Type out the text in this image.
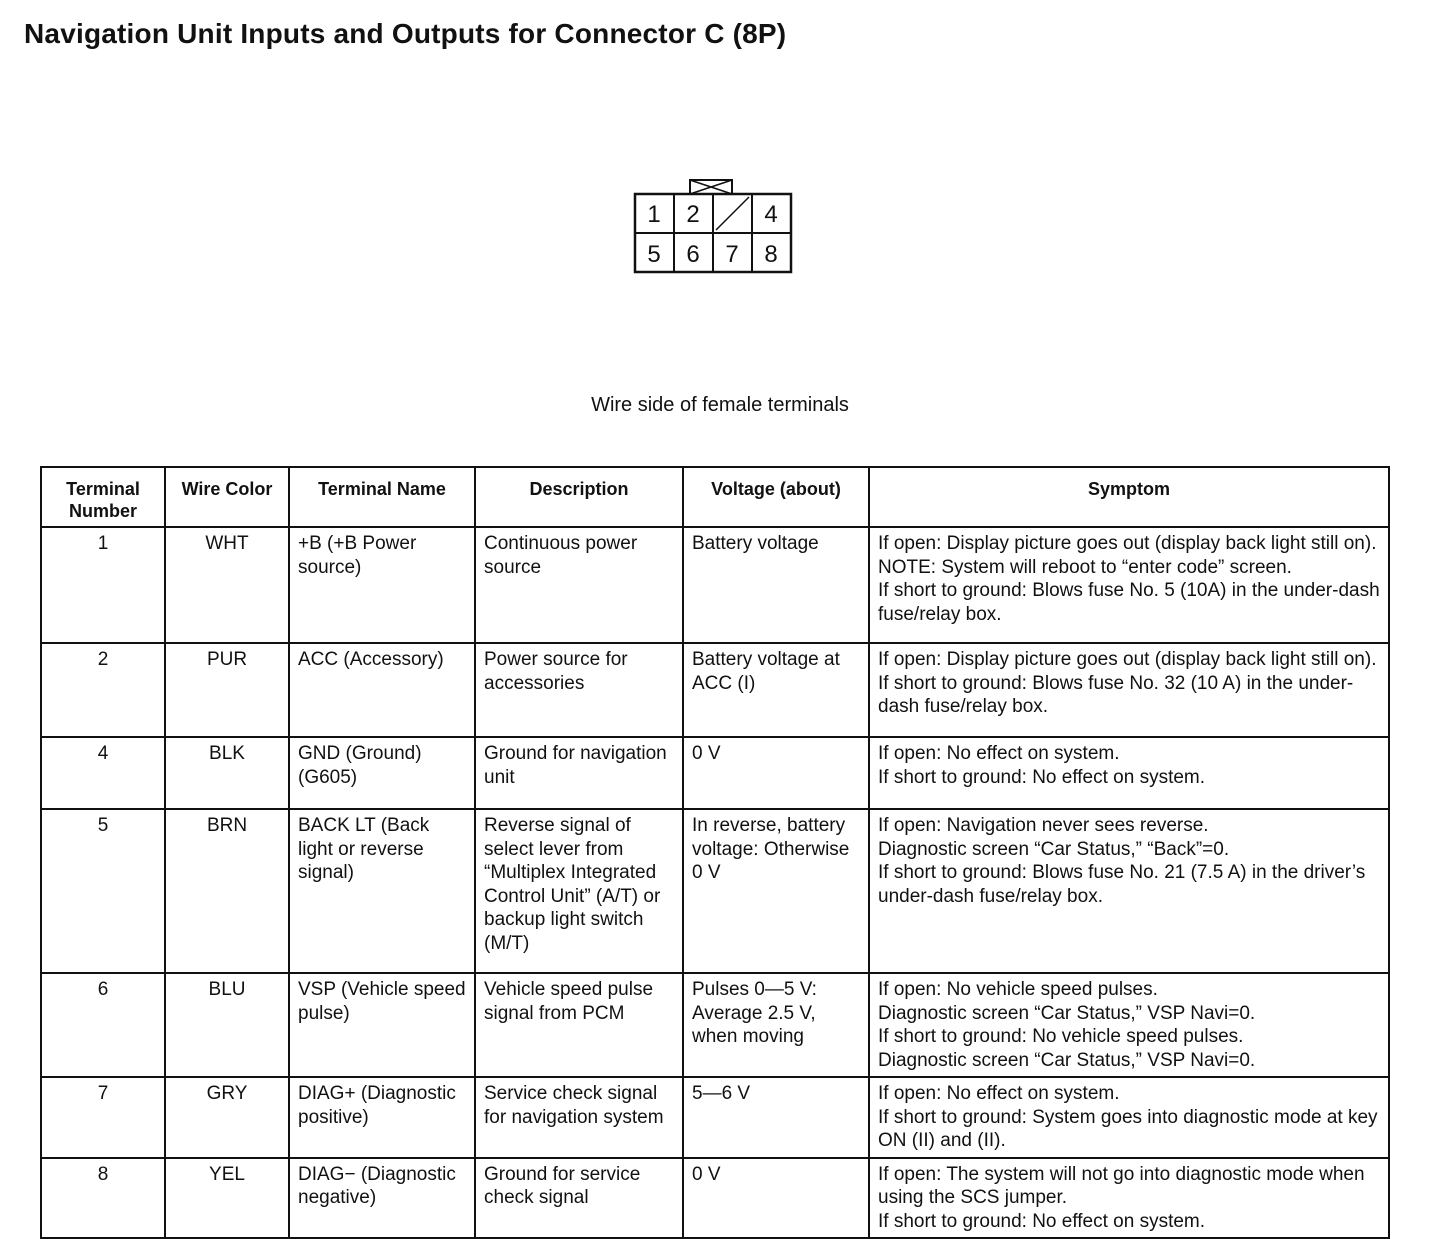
Navigation Unit Inputs and Outputs for Connector C (8P)
1 2	4
5 6 7 8
Wire side of female terminals
Terminal Number	Wire Color	Terminal Name	Description	Voltage (about)	Symptom
1	WHT	+B (+B Power source)	Continuous power source	Battery voltage	If open: Display picture goes out (display back light still on).
NOTE: System will reboot to “enter code” screen.
If short to ground: Blows fuse No. 5 (10A) in the under-dash fuse/relay box.

2	PUR	ACC (Accessory)	Power source for accessories	Battery voltage at ACC (I)	If open: Display picture goes out (display back light still on).
If short to ground: Blows fuse No. 32 (10 A) in the under-dash fuse/relay box.

4	BLK	GND (Ground) (G605)	Ground for navigation unit	0 V	If open: No effect on system.
If short to ground: No effect on system.

5	BRN	BACK LT (Back light or reverse signal)	Reverse signal of select lever from “Multiplex Integrated Control Unit” (A/T) or backup light switch (M/T)	In reverse, battery voltage: Otherwise 0 V	If open: Navigation never sees reverse.
Diagnostic screen “Car Status,” “Back”=0.
If short to ground: Blows fuse No. 21 (7.5 A) in the driver’s under-dash fuse/relay box.

6	BLU	VSP (Vehicle speed pulse)	Vehicle speed pulse signal from PCM	Pulses 0—5 V: Average 2.5 V, when moving	If open: No vehicle speed pulses.
Diagnostic screen “Car Status,” VSP Navi=0.
If short to ground: No vehicle speed pulses.
Diagnostic screen “Car Status,” VSP Navi=0.

7	GRY	DIAG+ (Diagnostic positive)	Service check signal for navigation system	5—6 V	If open: No effect on system.
If short to ground: System goes into diagnostic mode at key ON (II) and (II).

8	YEL	DIAG− (Diagnostic negative)	Ground for service check signal	0 V	If open: The system will not go into diagnostic mode when using the SCS jumper.
If short to ground: No effect on system.
